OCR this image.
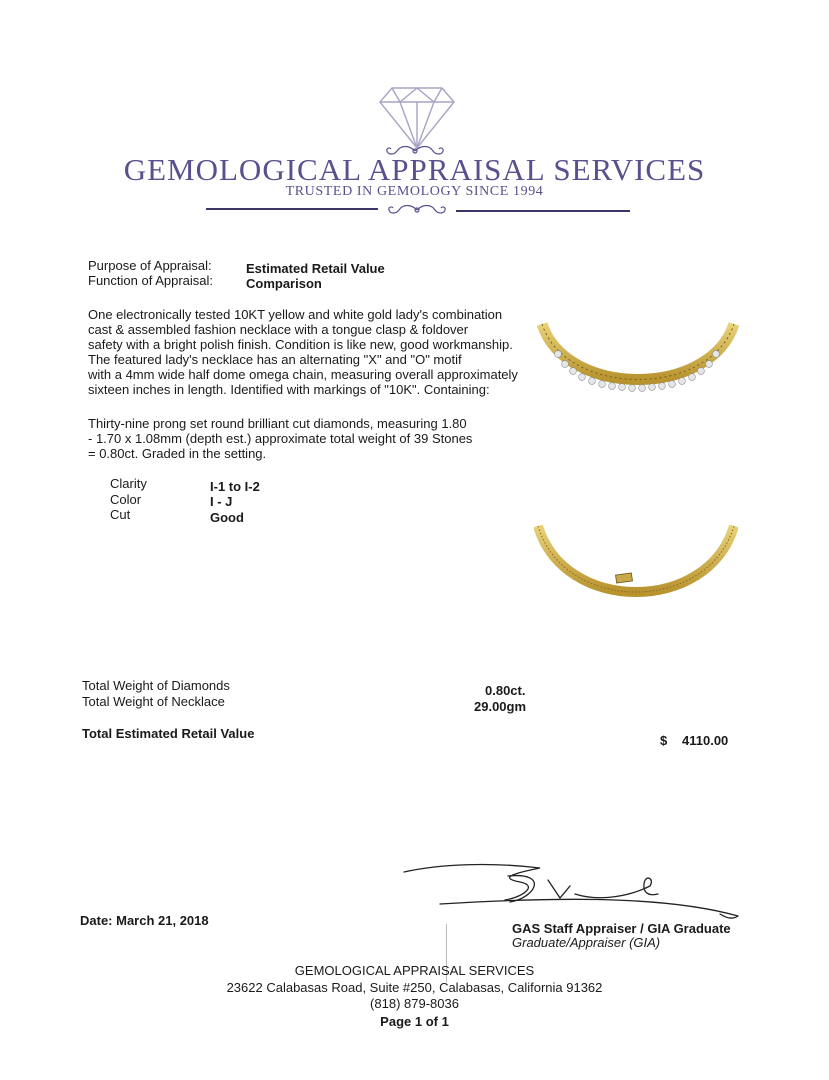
GEMOLOGICAL APPRAISAL SERVICES
TRUSTED IN GEMOLOGY SINCE 1994
Purpose of Appraisal:	Estimated Retail Value
Function of Appraisal:	Comparison
One electronically tested 10KT yellow and white gold lady's combination
cast & assembled fashion necklace with a tongue clasp & foldover
safety with a bright polish finish. Condition is like new, good workmanship.
The featured lady's necklace has an alternating "X" and "O" motif
with a 4mm wide half dome omega chain, measuring overall approximately
sixteen inches in length. Identified with markings of "10K". Containing:
Thirty-nine prong set round brilliant cut diamonds, measuring 1.80
- 1.70 x 1.08mm (depth est.) approximate total weight of 39 Stones
= 0.80ct. Graded in the setting.
Clarity	I-1 to I-2
Color	I - J
Cut	Good
Total Weight of Diamonds	0.80ct.
Total Weight of Necklace	29.00gm
Total Estimated Retail Value	$ 4110.00
Date: March 21, 2018
GAS Staff Appraiser / GIA Graduate
Graduate/Appraiser (GIA)
GEMOLOGICAL APPRAISAL SERVICES
23622 Calabasas Road, Suite #250, Calabasas, California 91362
(818) 879-8036
Page 1 of 1
